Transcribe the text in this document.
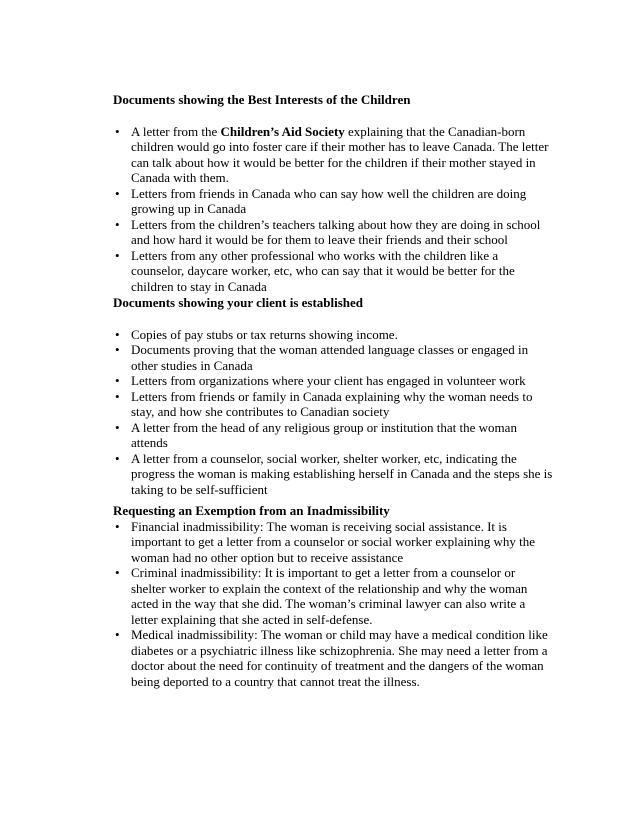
Documents showing the Best Interests of the Children

• A letter from the Children’s Aid Society explaining that the Canadian-born children would go into foster care if their mother has to leave Canada. The letter can talk about how it would be better for the children if their mother stayed in Canada with them.
• Letters from friends in Canada who can say how well the children are doing growing up in Canada
• Letters from the children’s teachers talking about how they are doing in school and how hard it would be for them to leave their friends and their school
• Letters from any other professional who works with the children like a counselor, daycare worker, etc, who can say that it would be better for the children to stay in Canada

Documents showing your client is established

• Copies of pay stubs or tax returns showing income.
• Documents proving that the woman attended language classes or engaged in other studies in Canada
• Letters from organizations where your client has engaged in volunteer work
• Letters from friends or family in Canada explaining why the woman needs to stay, and how she contributes to Canadian society
• A letter from the head of any religious group or institution that the woman attends
• A letter from a counselor, social worker, shelter worker, etc, indicating the progress the woman is making establishing herself in Canada and the steps she is taking to be self-sufficient

Requesting an Exemption from an Inadmissibility

• Financial inadmissibility: The woman is receiving social assistance. It is important to get a letter from a counselor or social worker explaining why the woman had no other option but to receive assistance
• Criminal inadmissibility: It is important to get a letter from a counselor or shelter worker to explain the context of the relationship and why the woman acted in the way that she did. The woman’s criminal lawyer can also write a letter explaining that she acted in self-defense.
• Medical inadmissibility: The woman or child may have a medical condition like diabetes or a psychiatric illness like schizophrenia. She may need a letter from a doctor about the need for continuity of treatment and the dangers of the woman being deported to a country that cannot treat the illness.
